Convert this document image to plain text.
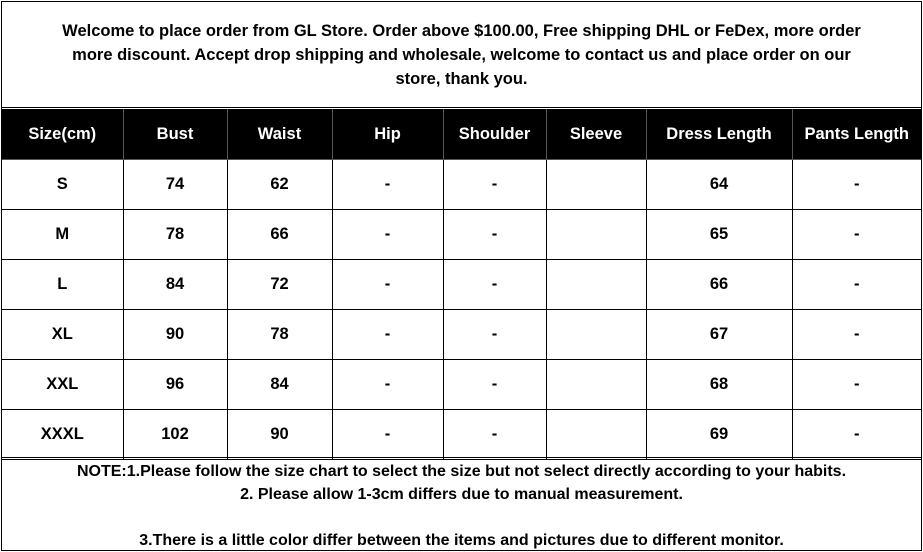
Welcome to place order from GL Store. Order above $100.00, Free shipping DHL or FeDex, more order
more discount. Accept drop shipping and wholesale, welcome to contact us and place order on our
store, thank you.
Size(cm)	Bust	Waist	Hip	Shoulder	Sleeve	Dress Length	Pants Length
S	74	62	-	-		64	-
M	78	66	-	-		65	-
L	84	72	-	-		66	-
XL	90	78	-	-		67	-
XXL	96	84	-	-		68	-
XXXL	102	90	-	-		69	-
NOTE:1.Please follow the size chart to select the size but not select directly according to your habits.
2. Please allow 1-3cm differs due to manual measurement.
3.There is a little color differ between the items and pictures due to different monitor.
